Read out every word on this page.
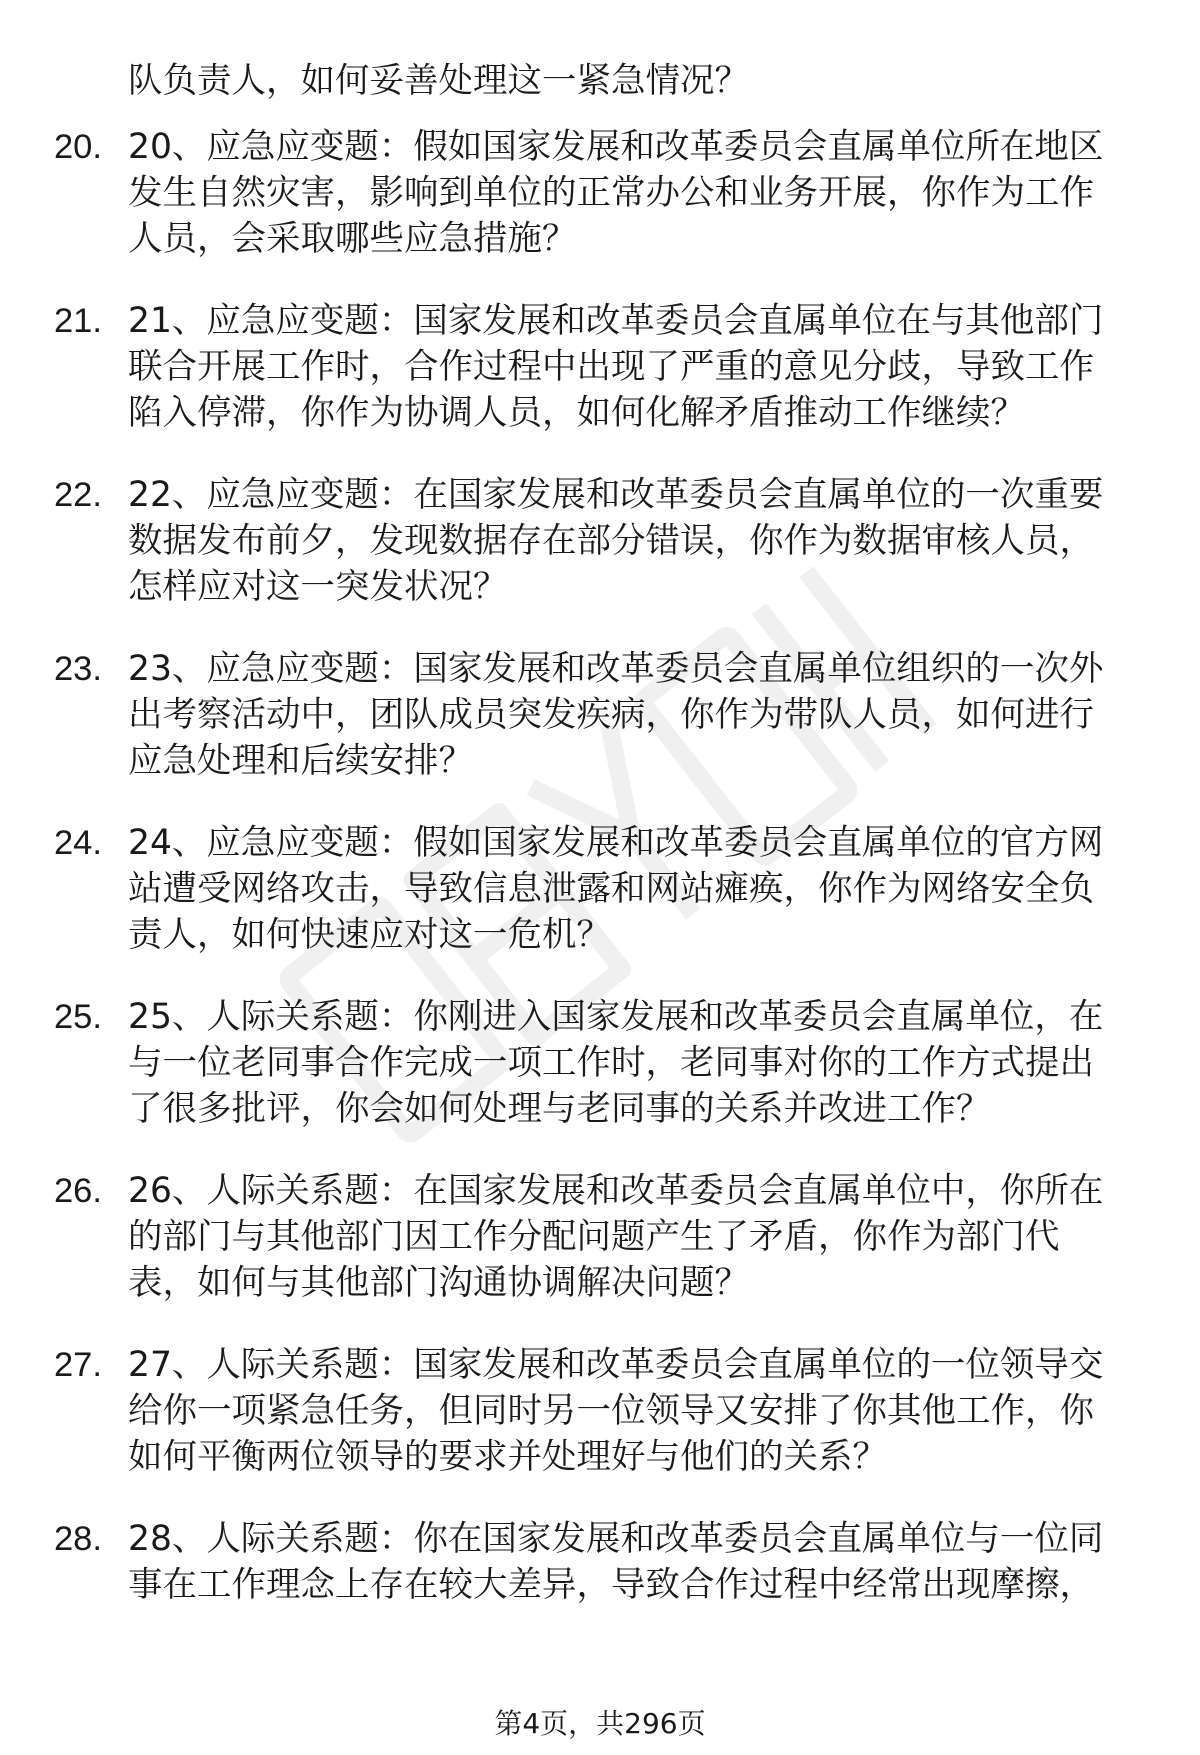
队负责人，如何妥善处理这一紧急情况？
20. 20、应急应变题：假如国家发展和改革委员会直属单位所在地区
发生自然灾害，影响到单位的正常办公和业务开展，你作为工作
人员，会采取哪些应急措施？
21. 21、应急应变题：国家发展和改革委员会直属单位在与其他部门
联合开展工作时，合作过程中出现了严重的意见分歧，导致工作
陷入停滞，你作为协调人员，如何化解矛盾推动工作继续？
22. 22、应急应变题：在国家发展和改革委员会直属单位的一次重要
数据发布前夕，发现数据存在部分错误，你作为数据审核人员，
怎样应对这一突发状况？
23. 23、应急应变题：国家发展和改革委员会直属单位组织的一次外
出考察活动中，团队成员突发疾病，你作为带队人员，如何进行
应急处理和后续安排？
24. 24、应急应变题：假如国家发展和改革委员会直属单位的官方网
站遭受网络攻击，导致信息泄露和网站瘫痪，你作为网络安全负
责人，如何快速应对这一危机？
25. 25、人际关系题：你刚进入国家发展和改革委员会直属单位，在
与一位老同事合作完成一项工作时，老同事对你的工作方式提出
了很多批评，你会如何处理与老同事的关系并改进工作？
26. 26、人际关系题：在国家发展和改革委员会直属单位中，你所在
的部门与其他部门因工作分配问题产生了矛盾，你作为部门代
表，如何与其他部门沟通协调解决问题？
27. 27、人际关系题：国家发展和改革委员会直属单位的一位领导交
给你一项紧急任务，但同时另一位领导又安排了你其他工作，你
如何平衡两位领导的要求并处理好与他们的关系？
28. 28、人际关系题：你在国家发展和改革委员会直属单位与一位同
事在工作理念上存在较大差异，导致合作过程中经常出现摩擦，
第4页，共296页
